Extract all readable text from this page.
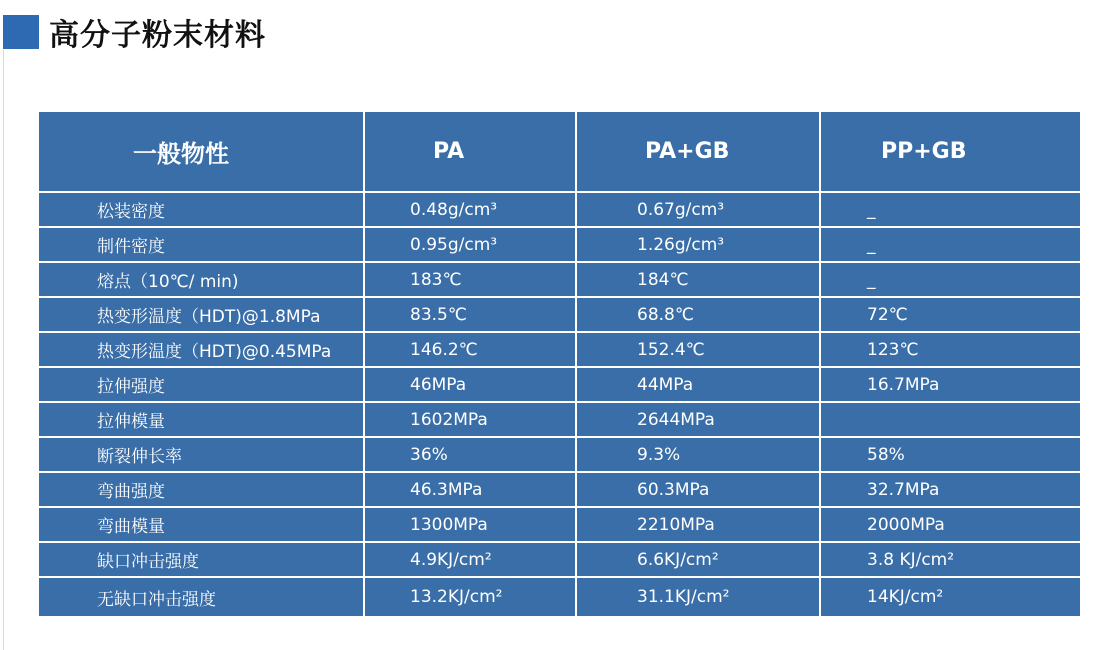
高分子粉末材料
一般物性	PA	PA+GB	PP+GB
松装密度	0.48g/cm³	0.67g/cm³	_
制件密度	0.95g/cm³	1.26g/cm³	_
熔点（10℃/ min)	183℃	184℃	_
热变形温度（HDT)@1.8MPa	83.5℃	68.8℃	72℃
热变形温度（HDT)@0.45MPa	146.2℃	152.4℃	123℃
拉伸强度	46MPa	44MPa	16.7MPa
拉伸模量	1602MPa	2644MPa	
断裂伸长率	36%	9.3%	58%
弯曲强度	46.3MPa	60.3MPa	32.7MPa
弯曲模量	1300MPa	2210MPa	2000MPa
缺口冲击强度	4.9KJ/cm²	6.6KJ/cm²	3.8 KJ/cm²
无缺口冲击强度	13.2KJ/cm²	31.1KJ/cm²	14KJ/cm²
